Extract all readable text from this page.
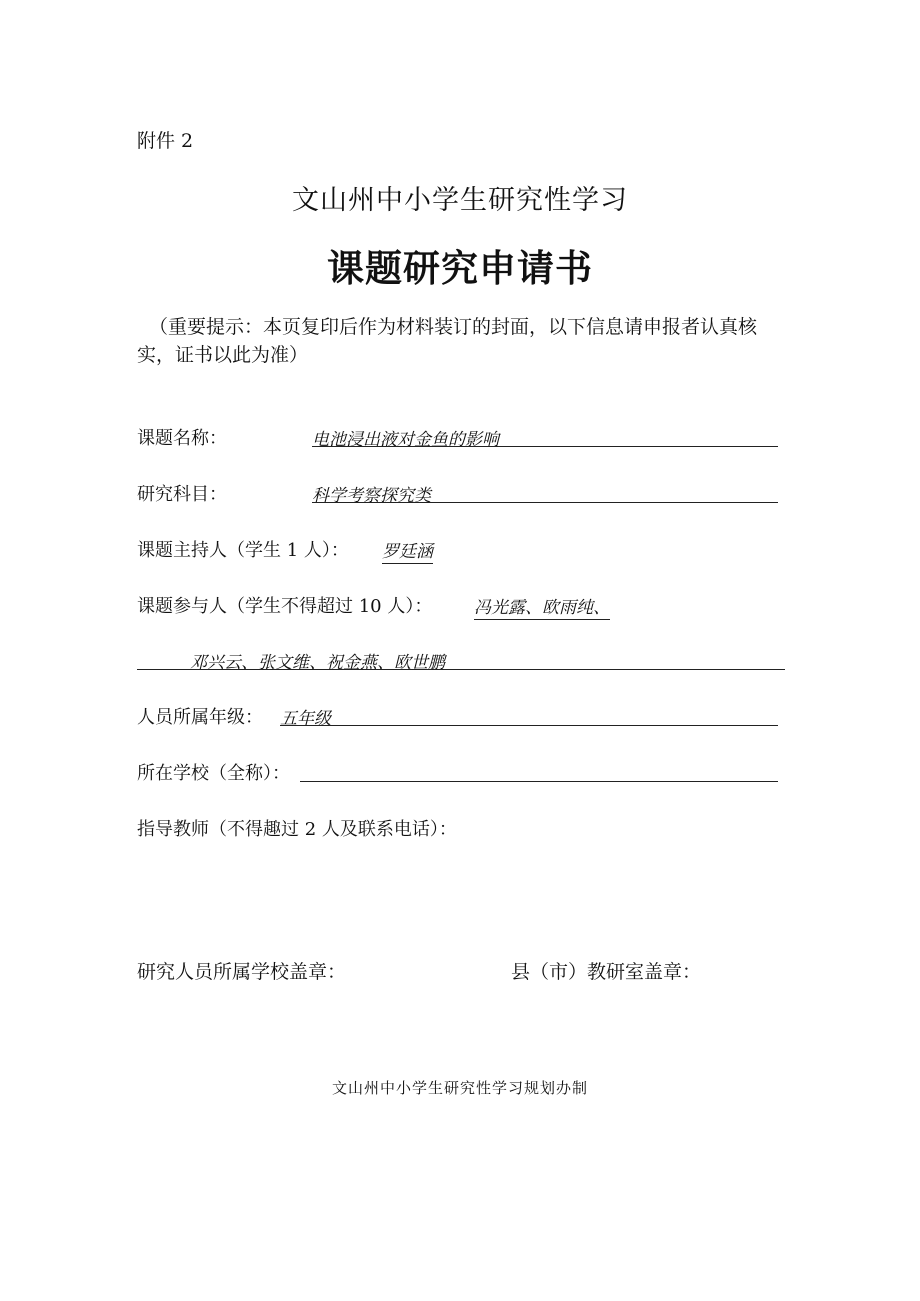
附件 2
文山州中小学生研究性学习
课题研究申请书
（重要提示：本页复印后作为材料装订的封面，以下信息请申报者认真核实，证书以此为准）
课题名称：	电池浸出液对金鱼的影响
研究科目：	科学考察探究类
课题主持人（学生 1 人）： 罗廷涵
课题参与人（学生不得超过 10 人）： 冯光露、欧雨纯、
邓兴云、张文维、祝金燕、欧世鹏
人员所属年级： 五年级
所在学校（全称）：
指导教师（不得趣过 2 人及联系电话）：
研究人员所属学校盖章：	县（市）教研室盖章：
文山州中小学生研究性学习规划办制
